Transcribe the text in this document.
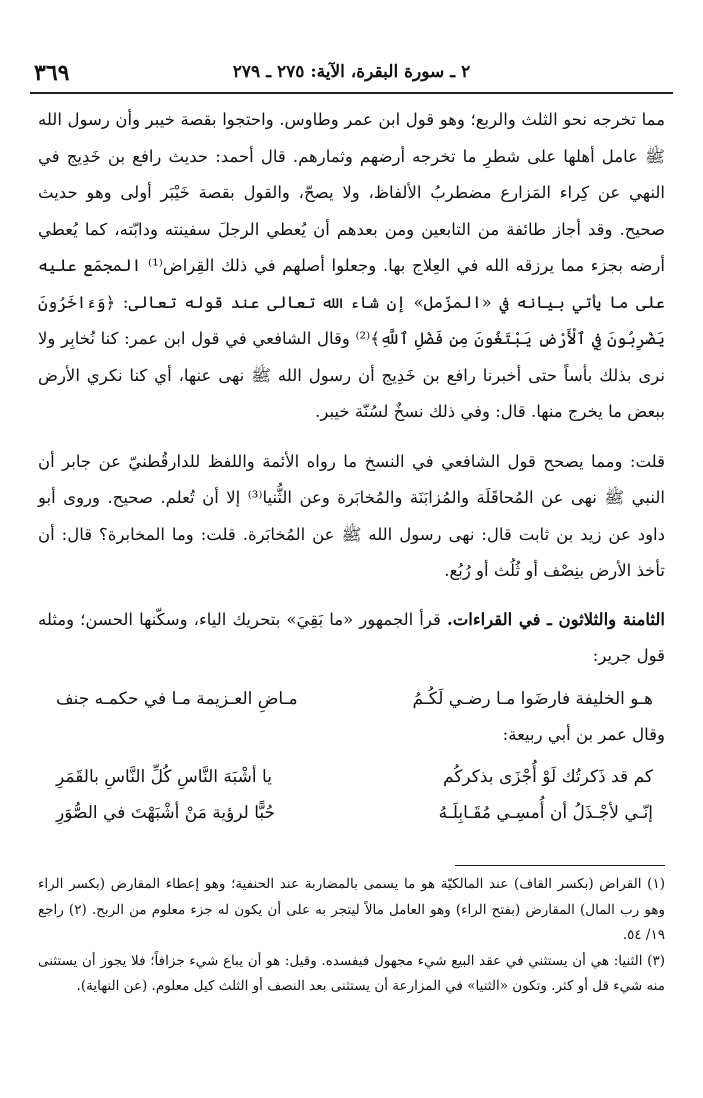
٣٦٩	٢ ـ سورة البقرة، الآية: ٢٧٥ ـ ٢٧٩

مما تخرجه نحو الثلث والربع؛ وهو قول ابن عمر وطاوس. واحتجوا بقصة خيبر وأن رسول الله ﷺ عامل أهلها على شطرِ ما تخرجه أرضهم وثمارهم. قال أحمد: حديث رافع بن خَدِيج في النهي عن كِراء المَزارع مضطربُ الألفاظ، ولا يصحّ، والقول بقصة خَيْبَر أولى وهو حديث صحيح. وقد أجاز طائفة من التابعين ومن بعدهم أن يُعطي الرجلَ سفينته ودابّته، كما يُعطي أرضه بجزء مما يرزقه الله في العِلاج بها. وجعلوا أصلهم في ذلك القِراض⁽¹⁾ المجمَع عليه على ما يأتي بيانه في «المزّمل» إن شاء الله تعالى عند قوله تعالى: ﴿وَءَاخَرُونَ يَضْرِبُونَ فِي ٱلْأَرْضِ يَبْتَغُونَ مِن فَضْلِ ٱللَّهِ﴾⁽²⁾ وقال الشافعي في قول ابن عمر: كنا نُخابِر ولا نرى بذلك بأساً حتى أخبرنا رافع بن خَدِيج أن رسول الله ﷺ نهى عنها، أي كنا نكري الأرض ببعض ما يخرج منها. قال: وفي ذلك نسخٌ لسُنّة خيبر.

قلت: ومما يصحح قول الشافعي في النسخ ما رواه الأئمة واللفظ للدارقُطنيّ عن جابر أن النبي ﷺ نهى عن المُحاقَلَة والمُزابَنَة والمُخابَرة وعن الثُّنيا⁽³⁾ إلا أن تُعلم. صحيح. وروى أبو داود عن زيد بن ثابت قال: نهى رسول الله ﷺ عن المُخابَرة. قلت: وما المخابرة؟ قال: أن تأخذ الأرض بنِصْف أو ثُلُث أو رُبُع.

الثامنة والثلاثون ـ في القراءات. قرأ الجمهور «ما بَقِيَ» بتحريك الياء، وسكّنها الحسن؛ ومثله قول جرير:

هـو الخليفة فارضَوا مـا رضـي لَكُـمُ
مـاضِ العـزيمة مـا في حكمـه جنف

وقال عمر بن أبي ربيعة:

كم قد ذَكرتُك لَوْ أُجْزَى بذكركُم
يا أشْبَهَ النَّاسِ كُلِّ النَّاسِ بالقَمَرِ
إنّـي لأجْـذَلُ أن أُمسِـي مُقَـابِلَـهُ
حُبًّا لرؤية مَنْ أشْبَهْتَ في الصُّوَرِ

(١) القراض (بكسر القاف) عند المالكيّة هو ما يسمى بالمضاربة عند الحنفية؛ وهو إعطاء المقارض (بكسر الراء وهو رب المال) المقارض (بفتح الراء) وهو العامل مالاً ليتجر به على أن يكون له جزء معلوم من الربح. (٢) راجع ١٩/ ٥٤.

(٣) الثنيا: هي أن يستثني في عقد البيع شيء مجهول فيفسده. وقيل: هو أن يباع شيء جزافاً؛ فلا يجوز أن يستثنى منه شيء قل أو كثر. وتكون «الثنيا» في المزارعة أن يستثنى بعد النصف أو الثلث كيل معلوم. (عن النهاية).
